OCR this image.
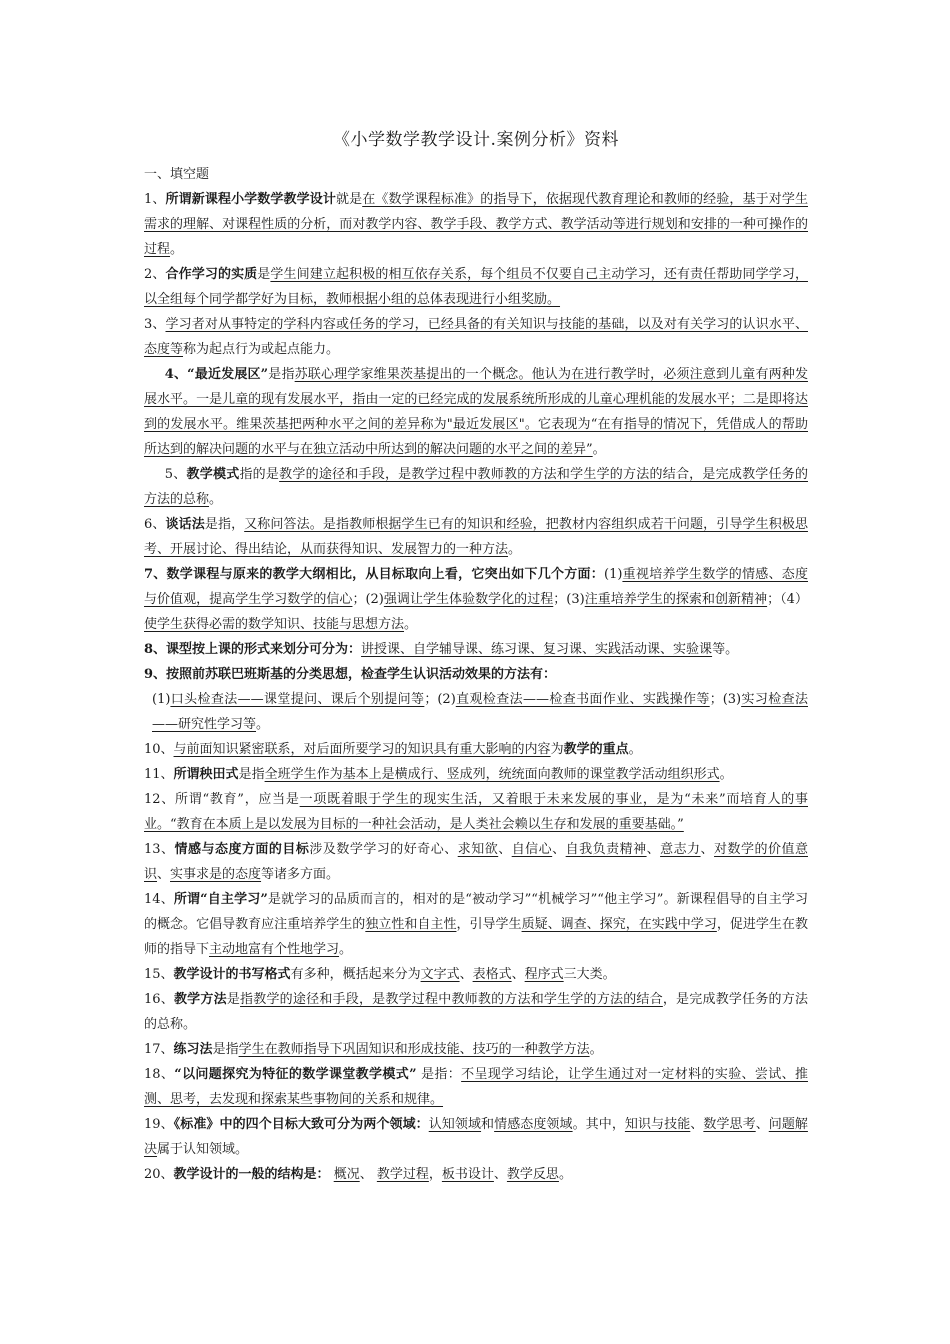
《小学数学教学设计.案例分析》资料
一、填空题
1、所谓新课程小学数学教学设计就是在《数学课程标准》的指导下，依据现代教育理论和教师的经验，基于对学生需求的理解、对课程性质的分析，而对教学内容、教学手段、教学方式、教学活动等进行规划和安排的一种可操作的过程。
2、合作学习的实质是学生间建立起积极的相互依存关系，每个组员不仅要自己主动学习，还有责任帮助同学学习，以全组每个同学都学好为目标，教师根据小组的总体表现进行小组奖励。
3、学习者对从事特定的学科内容或任务的学习，已经具备的有关知识与技能的基础，以及对有关学习的认识水平、态度等称为起点行为或起点能力。
4、“最近发展区”是指苏联心理学家维果茨基提出的一个概念。他认为在进行教学时，必须注意到儿童有两种发展水平。一是儿童的现有发展水平，指由一定的已经完成的发展系统所形成的儿童心理机能的发展水平；二是即将达到的发展水平。维果茨基把两种水平之间的差异称为"最近发展区"。它表现为“在有指导的情况下，凭借成人的帮助所达到的解决问题的水平与在独立活动中所达到的解决问题的水平之间的差异”。
5、教学模式指的是教学的途径和手段，是教学过程中教师教的方法和学生学的方法的结合，是完成教学任务的方法的总称。
6、谈话法是指，又称问答法。是指教师根据学生已有的知识和经验，把教材内容组织成若干问题，引导学生积极思考、开展讨论、得出结论，从而获得知识、发展智力的一种方法。
7、数学课程与原来的教学大纲相比，从目标取向上看，它突出如下几个方面：(1)重视培养学生数学的情感、态度与价值观，提高学生学习数学的信心；(2)强调让学生体验数学化的过程；(3)注重培养学生的探索和创新精神；（4）使学生获得必需的数学知识、技能与思想方法。
8、课型按上课的形式来划分可分为：讲授课、自学辅导课、练习课、复习课、实践活动课、实验课等。
9、按照前苏联巴班斯基的分类思想，检查学生认识活动效果的方法有：
(1)口头检查法——课堂提问、课后个别提问等；(2)直观检查法——检查书面作业、实践操作等；(3)实习检查法——研究性学习等。
10、与前面知识紧密联系，对后面所要学习的知识具有重大影响的内容为教学的重点。
11、所谓秧田式是指全班学生作为基本上是横成行、竖成列，统统面向教师的课堂教学活动组织形式。
12、所谓“教育”，应当是一项既着眼于学生的现实生活，又着眼于未来发展的事业，是为“未来”而培育人的事业。“教育在本质上是以发展为目标的一种社会活动，是人类社会赖以生存和发展的重要基础。”
13、情感与态度方面的目标涉及数学学习的好奇心、求知欲、自信心、自我负责精神、意志力、对数学的价值意识、实事求是的态度等诸多方面。
14、所谓“自主学习”是就学习的品质而言的，相对的是“被动学习”“机械学习”“他主学习”。新课程倡导的自主学习的概念。它倡导教育应注重培养学生的独立性和自主性，引导学生质疑、调查、探究，在实践中学习，促进学生在教师的指导下主动地富有个性地学习。
15、教学设计的书写格式有多种，概括起来分为文字式、表格式、程序式三大类。
16、教学方法是指教学的途径和手段，是教学过程中教师教的方法和学生学的方法的结合，是完成教学任务的方法的总称。
17、练习法是指学生在教师指导下巩固知识和形成技能、技巧的一种教学方法。
18、“以问题探究为特征的数学课堂教学模式” 是指：不呈现学习结论，让学生通过对一定材料的实验、尝试、推测、思考，去发现和探索某些事物间的关系和规律。
19、《标准》中的四个目标大致可分为两个领域：认知领域和情感态度领域。其中，知识与技能、数学思考、问题解决属于认知领域。
20、教学设计的一般的结构是： 概况、 教学过程，板书设计、教学反思。
